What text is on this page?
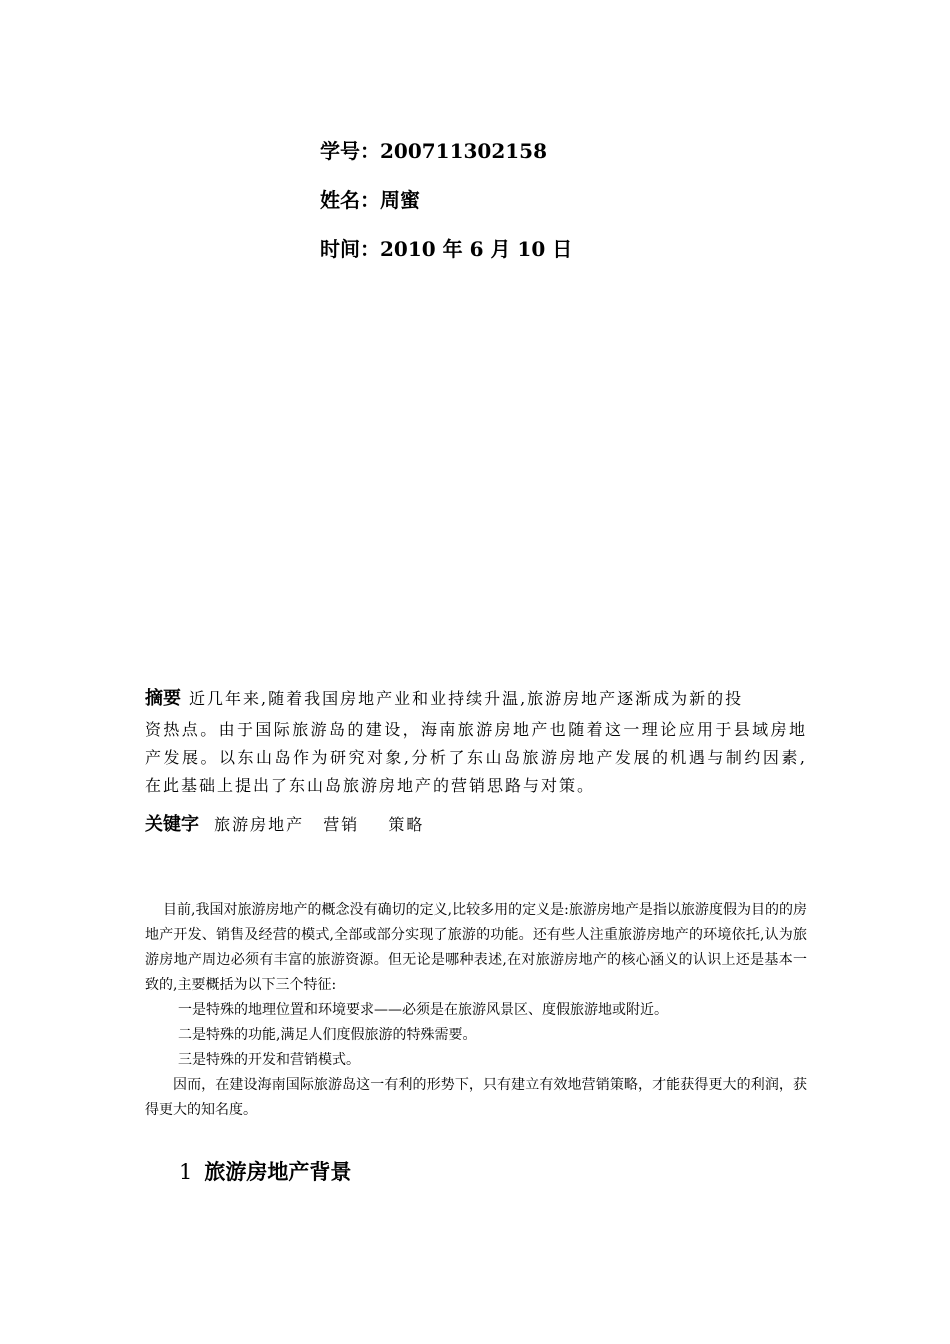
学号：200711302158
姓名：周蜜
时间：2010 年 6 月 10 日
摘要 近几年来,随着我国房地产业和业持续升温,旅游房地产逐渐成为新的投
资热点。由于国际旅游岛的建设，海南旅游房地产也随着这一理论应用于县域房地产发展。以东山岛作为研究对象,分析了东山岛旅游房地产发展的机遇与制约因素,在此基础上提出了东山岛旅游房地产的营销思路与对策。
关键字 旅游房地产 营销 策略

目前,我国对旅游房地产的概念没有确切的定义,比较多用的定义是:旅游房地产是指以旅游度假为目的的房地产开发、销售及经营的模式,全部或部分实现了旅游的功能。还有些人注重旅游房地产的环境依托,认为旅游房地产周边必须有丰富的旅游资源。但无论是哪种表述,在对旅游房地产的核心涵义的认识上还是基本一致的,主要概括为以下三个特征:

一是特殊的地理位置和环境要求——必须是在旅游风景区、度假旅游地或附近。

二是特殊的功能,满足人们度假旅游的特殊需要。

三是特殊的开发和营销模式。

因而，在建设海南国际旅游岛这一有利的形势下，只有建立有效地营销策略，才能获得更大的利润，获得更大的知名度。

1 旅游房地产背景
